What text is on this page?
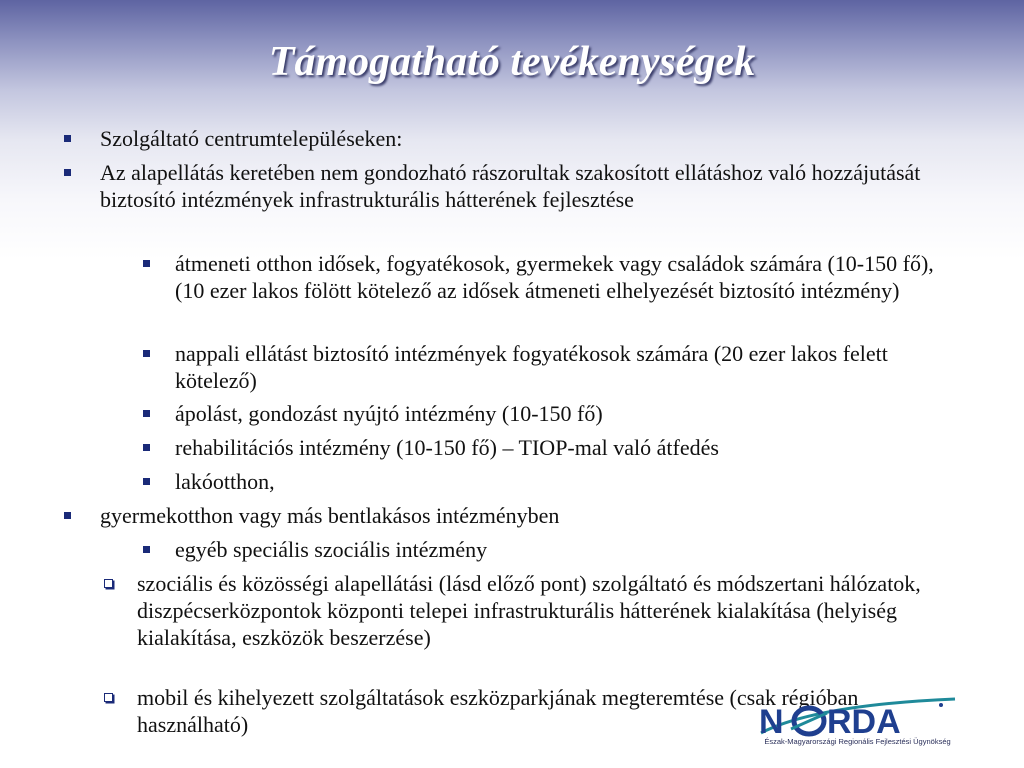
Támogatható tevékenységek
Szolgáltató centrumtelepüléseken:
Az alapellátás keretében nem gondozható rászorultak szakosított ellátáshoz való hozzájutását biztosító intézmények infrastrukturális hátterének fejlesztése
átmeneti otthon idősek, fogyatékosok, gyermekek vagy családok számára (10-150 fő),(10 ezer lakos fölött kötelező az idősek átmeneti elhelyezését biztosító intézmény)
nappali ellátást biztosító intézmények fogyatékosok számára (20 ezer lakos felett kötelező)
ápolást, gondozást nyújtó intézmény (10-150 fő)
rehabilitációs intézmény (10-150 fő) – TIOP-mal való átfedés
lakóotthon,
gyermekotthon vagy más bentlakásos intézményben
egyéb speciális szociális intézmény
szociális és közösségi alapellátási (lásd előző pont) szolgáltató és módszertani hálózatok, diszpécserközpontok központi telepei infrastrukturális hátterének kialakítása (helyiség kialakítása, eszközök beszerzése)
mobil és kihelyezett szolgáltatások eszközparkjának megteremtése (csak régióban használható)	N RDA
Észak-Magyarországi Regionális Fejlesztési Ügynökség
